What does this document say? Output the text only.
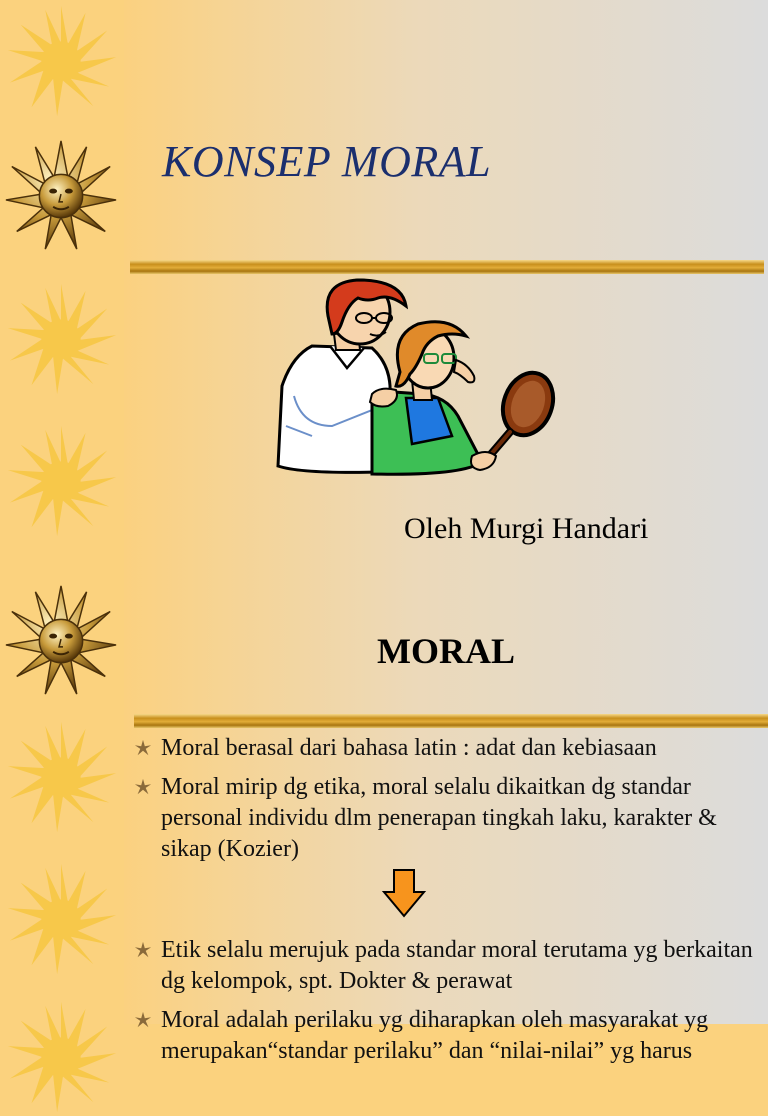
KONSEP MORAL
Oleh Murgi Handari
MORAL
Moral berasal dari bahasa latin : adat dan kebiasaan
Moral mirip dg etika, moral selalu dikaitkan dg standar personal individu dlm penerapan tingkah laku, karakter & sikap (Kozier)
Etik selalu merujuk pada standar moral terutama yg berkaitan dg kelompok, spt. Dokter & perawat
Moral adalah perilaku yg diharapkan oleh masyarakat yg merupakan“standar perilaku” dan “nilai-nilai” yg harus
